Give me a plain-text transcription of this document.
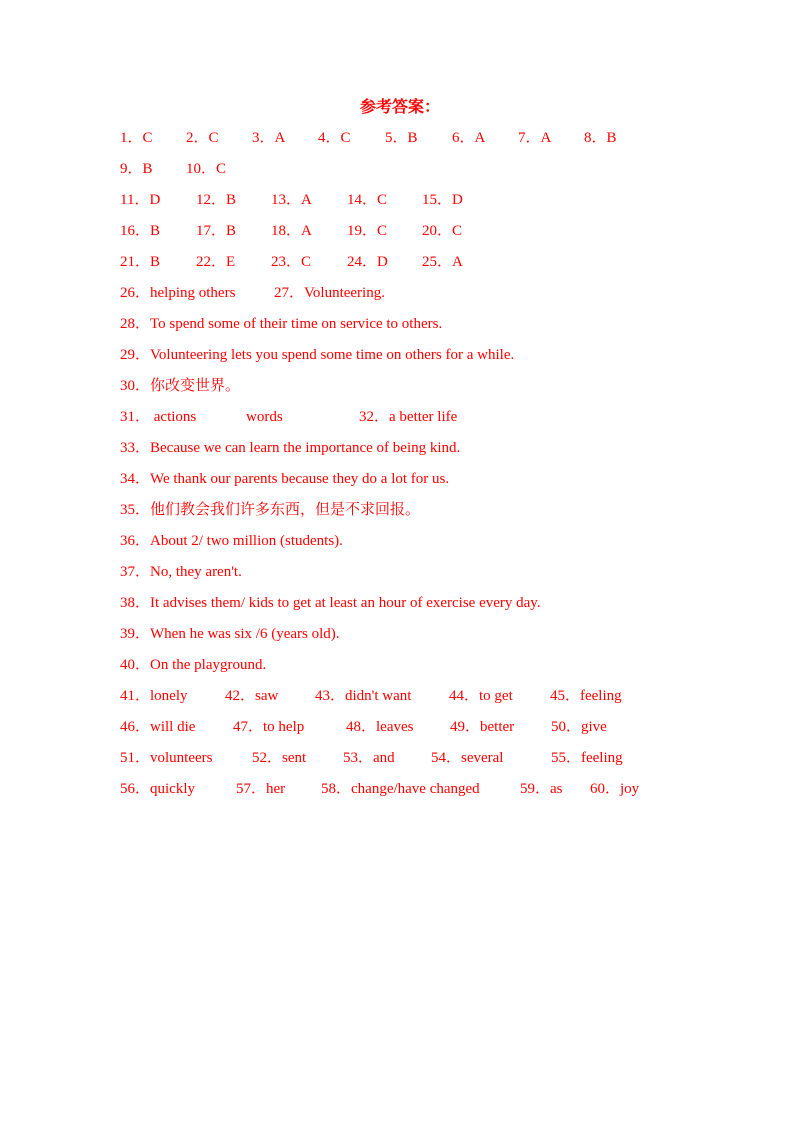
参考答案：
1．C 2．C 3．A 4．C 5．B 6．A 7．A 8．B
9．B 10．C
11．D 12．B 13．A 14．C 15．D
16．B 17．B 18．A 19．C 20．C
21．B 22．E 23．C 24．D 25．A
26．helping others	27．Volunteering.
28．To spend some of their time on service to others.
29．Volunteering lets you spend some time on others for a while.
30．你改变世界。
31． actions	words	32．a better life
33．Because we can learn the importance of being kind.
34．We thank our parents because they do a lot for us.
35．他们教会我们许多东西，但是不求回报。
36．About 2/ two million (students).
37．No, they aren't.
38．It advises them/ kids to get at least an hour of exercise every day.
39．When he was six /6 (years old).
40．On the playground.
41．lonely	42．saw 43．didn't want	44．to get 45．feeling
46．will die	47．to help	48．leaves 49．better 50．give
51．volunteers	52．sent 53．and 54．several	55．feeling
56．quickly	57．her 58．change/have changed	59．as 60．joy
